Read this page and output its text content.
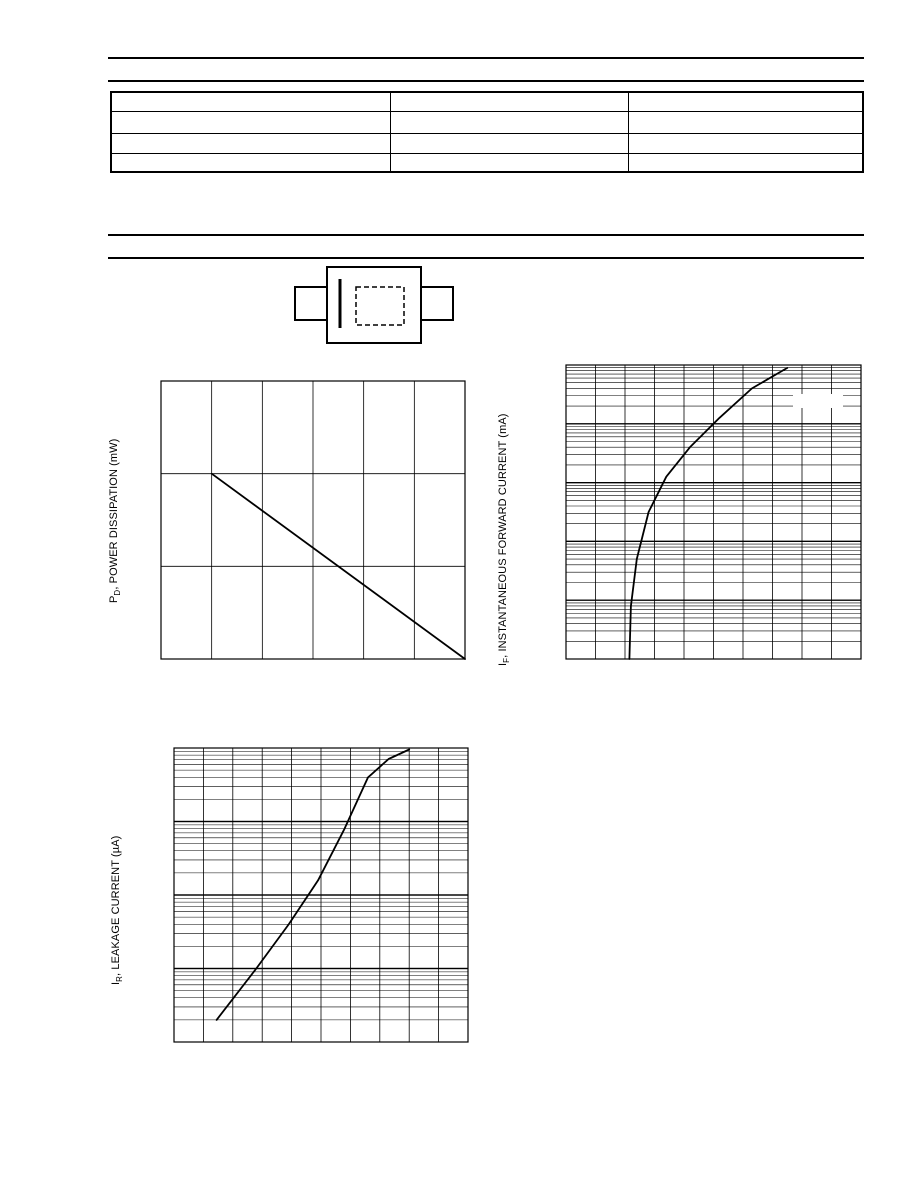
$P_D$, POWER DISSIPATION (mW)
$I_F$, INSTANTANEOUS FORWARD CURRENT (mA)
$I_R$, LEAKAGE CURRENT (µA)
